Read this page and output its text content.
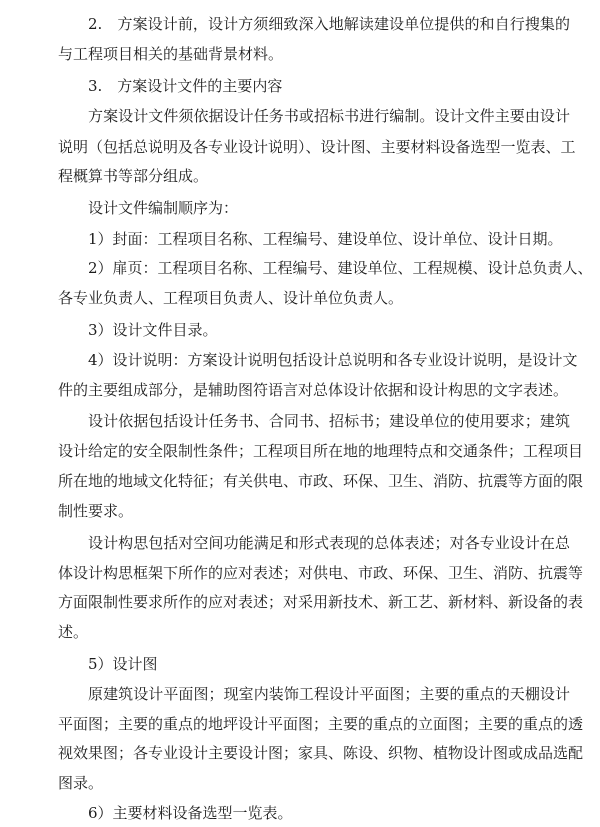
2.　方案设计前，设计方须细致深入地解读建设单位提供的和自行搜集的
与工程项目相关的基础背景材料。
3.　方案设计文件的主要内容
方案设计文件须依据设计任务书或招标书进行编制。设计文件主要由设计
说明（包括总说明及各专业设计说明）、设计图、主要材料设备选型一览表、工
程概算书等部分组成。
设计文件编制顺序为：
1）封面：工程项目名称、工程编号、建设单位、设计单位、设计日期。
2）扉页：工程项目名称、工程编号、建设单位、工程规模、设计总负责人、
各专业负责人、工程项目负责人、设计单位负责人。
3）设计文件目录。
4）设计说明：方案设计说明包括设计总说明和各专业设计说明，是设计文
件的主要组成部分，是辅助图符语言对总体设计依据和设计构思的文字表述。
设计依据包括设计任务书、合同书、招标书；建设单位的使用要求；建筑
设计给定的安全限制性条件；工程项目所在地的地理特点和交通条件；工程项目
所在地的地域文化特征；有关供电、市政、环保、卫生、消防、抗震等方面的限
制性要求。
设计构思包括对空间功能满足和形式表现的总体表述；对各专业设计在总
体设计构思框架下所作的应对表述；对供电、市政、环保、卫生、消防、抗震等
方面限制性要求所作的应对表述；对采用新技术、新工艺、新材料、新设备的表
述。
5）设计图
原建筑设计平面图；现室内装饰工程设计平面图；主要的重点的天棚设计
平面图；主要的重点的地坪设计平面图；主要的重点的立面图；主要的重点的透
视效果图；各专业设计主要设计图；家具、陈设、织物、植物设计图或成品选配
图录。
6）主要材料设备选型一览表。
